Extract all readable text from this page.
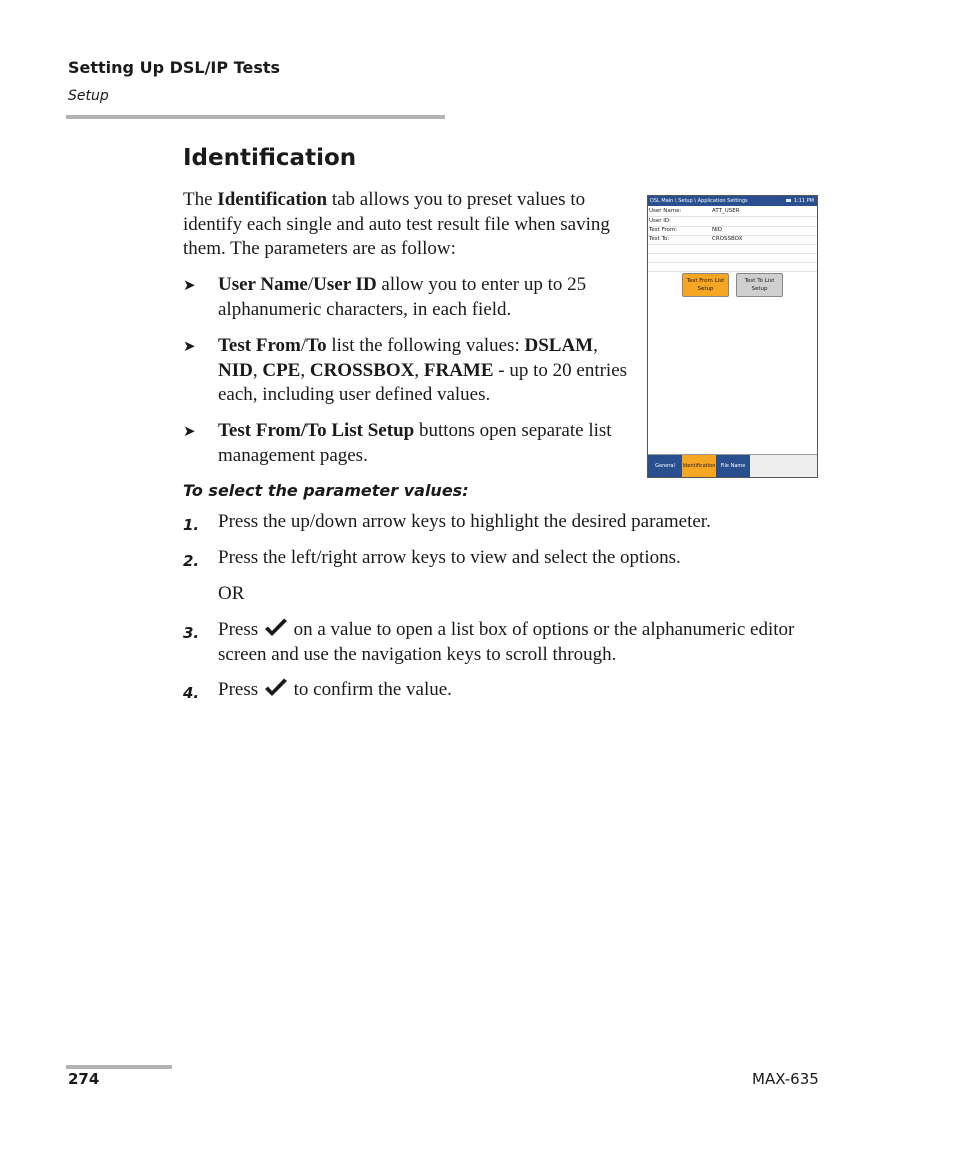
Setting Up DSL/IP Tests
Setup
Identification
The Identification tab allows you to preset values to identify each single and auto test result file when saving them. The parameters are as follow:
➤ User Name/User ID allow you to enter up to 25 alphanumeric characters, in each field.
➤ Test From/To list the following values: DSLAM, NID, CPE, CROSSBOX, FRAME - up to 20 entries each, including user defined values.
➤ Test From/To List Setup buttons open separate list management pages.
DSL Main \ Setup \ Application Settings	1:11 PM
User Name:	ATT_USER
User ID:
Test From:	NID
Test To:	CROSSBOX
Test From List Setup
Test To List Setup
General	Identification	File Name
To select the parameter values:
1. Press the up/down arrow keys to highlight the desired parameter.
2. Press the left/right arrow keys to view and select the options.
OR
3. Press  on a value to open a list box of options or the alphanumeric editor screen and use the navigation keys to scroll through.
4. Press  to confirm the value.
274	MAX-635
